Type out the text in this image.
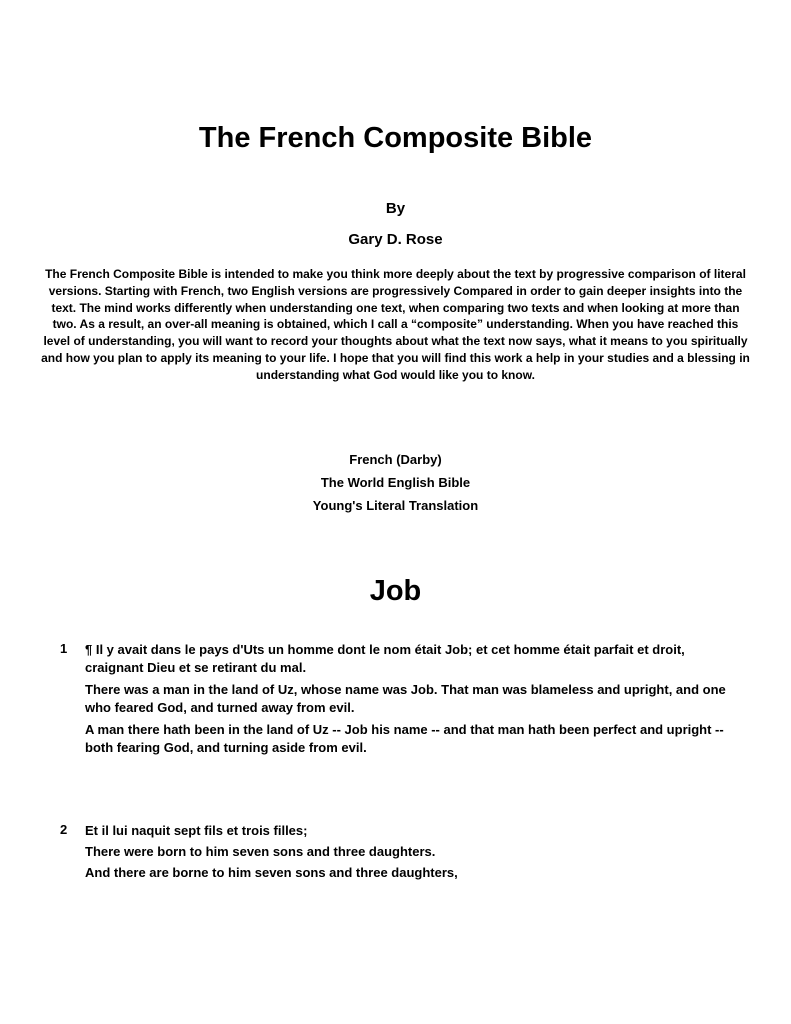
The French Composite Bible
By
Gary D. Rose

The French Composite Bible is intended to make you think more deeply about the text by progressive comparison of literal versions. Starting with French, two English versions are progressively Compared in order to gain deeper insights into the text. The mind works differently when understanding one text, when comparing two texts and when looking at more than two. As a result, an over-all meaning is obtained, which I call a “composite” understanding. When you have reached this level of understanding, you will want to record your thoughts about what the text now says, what it means to you spiritually and how you plan to apply its meaning to your life. I hope that you will find this work a help in your studies and a blessing in understanding what God would like you to know.

French (Darby)
The World English Bible
Young's Literal Translation
Job
1	¶ Il y avait dans le pays d'Uts un homme dont le nom était Job; et cet homme était parfait et droit, craignant Dieu et se retirant du mal.
There was a man in the land of Uz, whose name was Job. That man was blameless and upright, and one who feared God, and turned away from evil.
A man there hath been in the land of Uz -- Job his name -- and that man hath been perfect and upright -- both fearing God, and turning aside from evil.
2	Et il lui naquit sept fils et trois filles;
There were born to him seven sons and three daughters.
And there are borne to him seven sons and three daughters,
